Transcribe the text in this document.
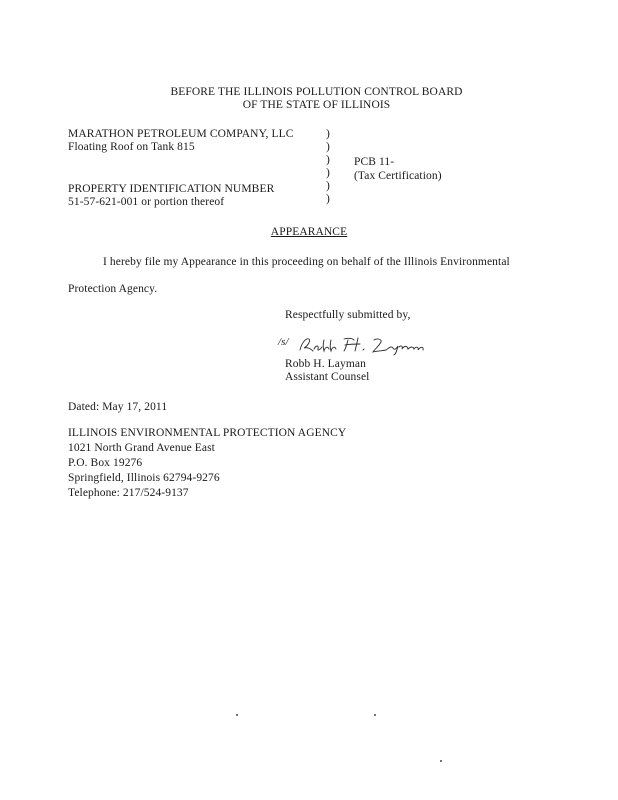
BEFORE THE ILLINOIS POLLUTION CONTROL BOARD
OF THE STATE OF ILLINOIS
MARATHON PETROLEUM COMPANY, LLC
Floating Roof on Tank 815
PROPERTY IDENTIFICATION NUMBER
51-57-621-001 or portion thereof
)
)
)
)
)
)
PCB 11-
(Tax Certification)
APPEARANCE
I hereby file my Appearance in this proceeding on behalf of the Illinois Environmental
Protection Agency.
Respectfully submitted by,
/s/
Robb H. Layman
Assistant Counsel
Dated: May 17, 2011
ILLINOIS ENVIRONMENTAL PROTECTION AGENCY
1021 North Grand Avenue East
P.O. Box 19276
Springfield, Illinois 62794-9276
Telephone: 217/524-9137
